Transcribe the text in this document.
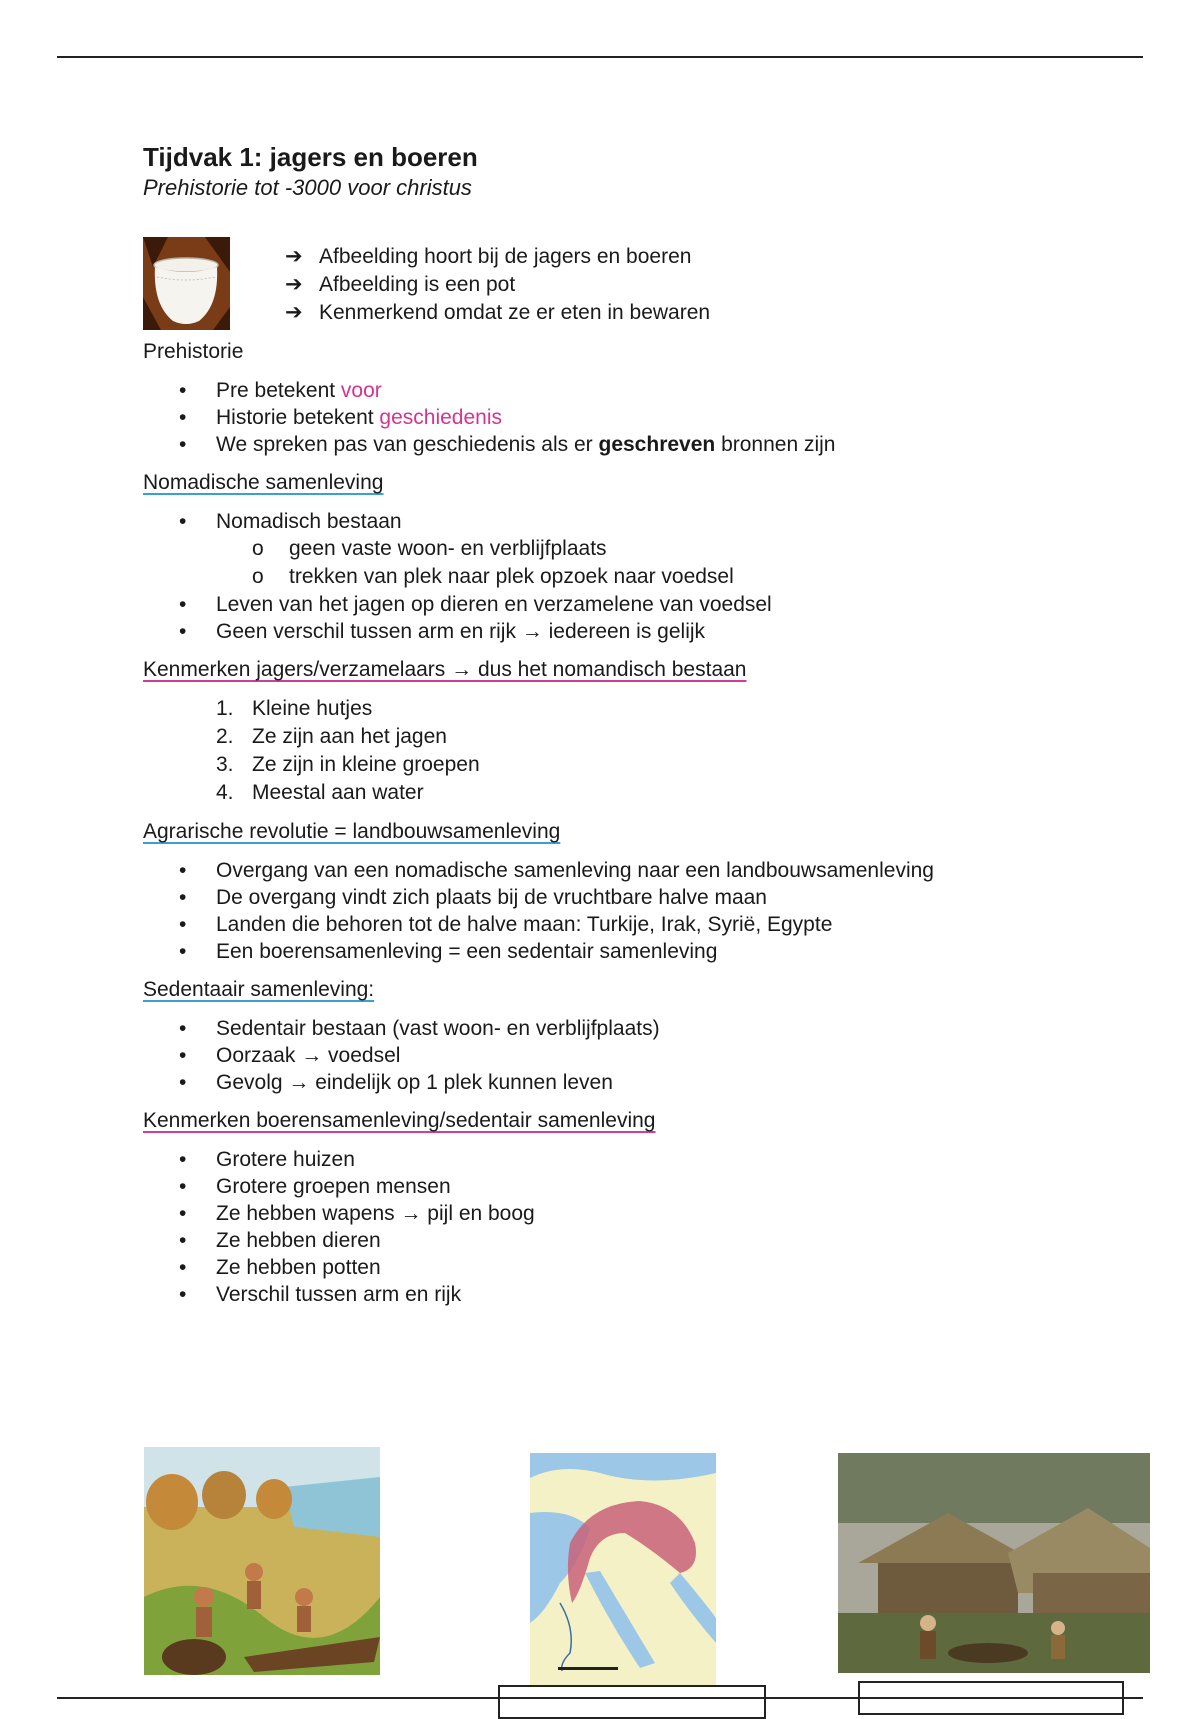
Tijdvak 1: jagers en boeren

Prehistorie tot -3000 voor christus

➔ Afbeelding hoort bij de jagers en boeren
➔ Afbeelding is een pot
➔ Kenmerkend omdat ze er eten in bewaren

Prehistorie

• Pre betekent voor
• Historie betekent geschiedenis
• We spreken pas van geschiedenis als er geschreven bronnen zijn

Nomadische samenleving

• Nomadisch bestaan
o geen vaste woon- en verblijfplaats
o trekken van plek naar plek opzoek naar voedsel
• Leven van het jagen op dieren en verzamelene van voedsel
• Geen verschil tussen arm en rijk → iedereen is gelijk

Kenmerken jagers/verzamelaars → dus het nomandisch bestaan

1. Kleine hutjes
2. Ze zijn aan het jagen
3. Ze zijn in kleine groepen
4. Meestal aan water

Agrarische revolutie = landbouwsamenleving

• Overgang van een nomadische samenleving naar een landbouwsamenleving
• De overgang vindt zich plaats bij de vruchtbare halve maan
• Landen die behoren tot de halve maan: Turkije, Irak, Syrië, Egypte
• Een boerensamenleving = een sedentair samenleving

Sedentaair samenleving:

• Sedentair bestaan (vast woon- en verblijfplaats)
• Oorzaak → voedsel
• Gevolg → eindelijk op 1 plek kunnen leven

Kenmerken boerensamenleving/sedentair samenleving

• Grotere huizen
• Grotere groepen mensen
• Ze hebben wapens → pijl en boog
• Ze hebben dieren
• Ze hebben potten
• Verschil tussen arm en rijk
